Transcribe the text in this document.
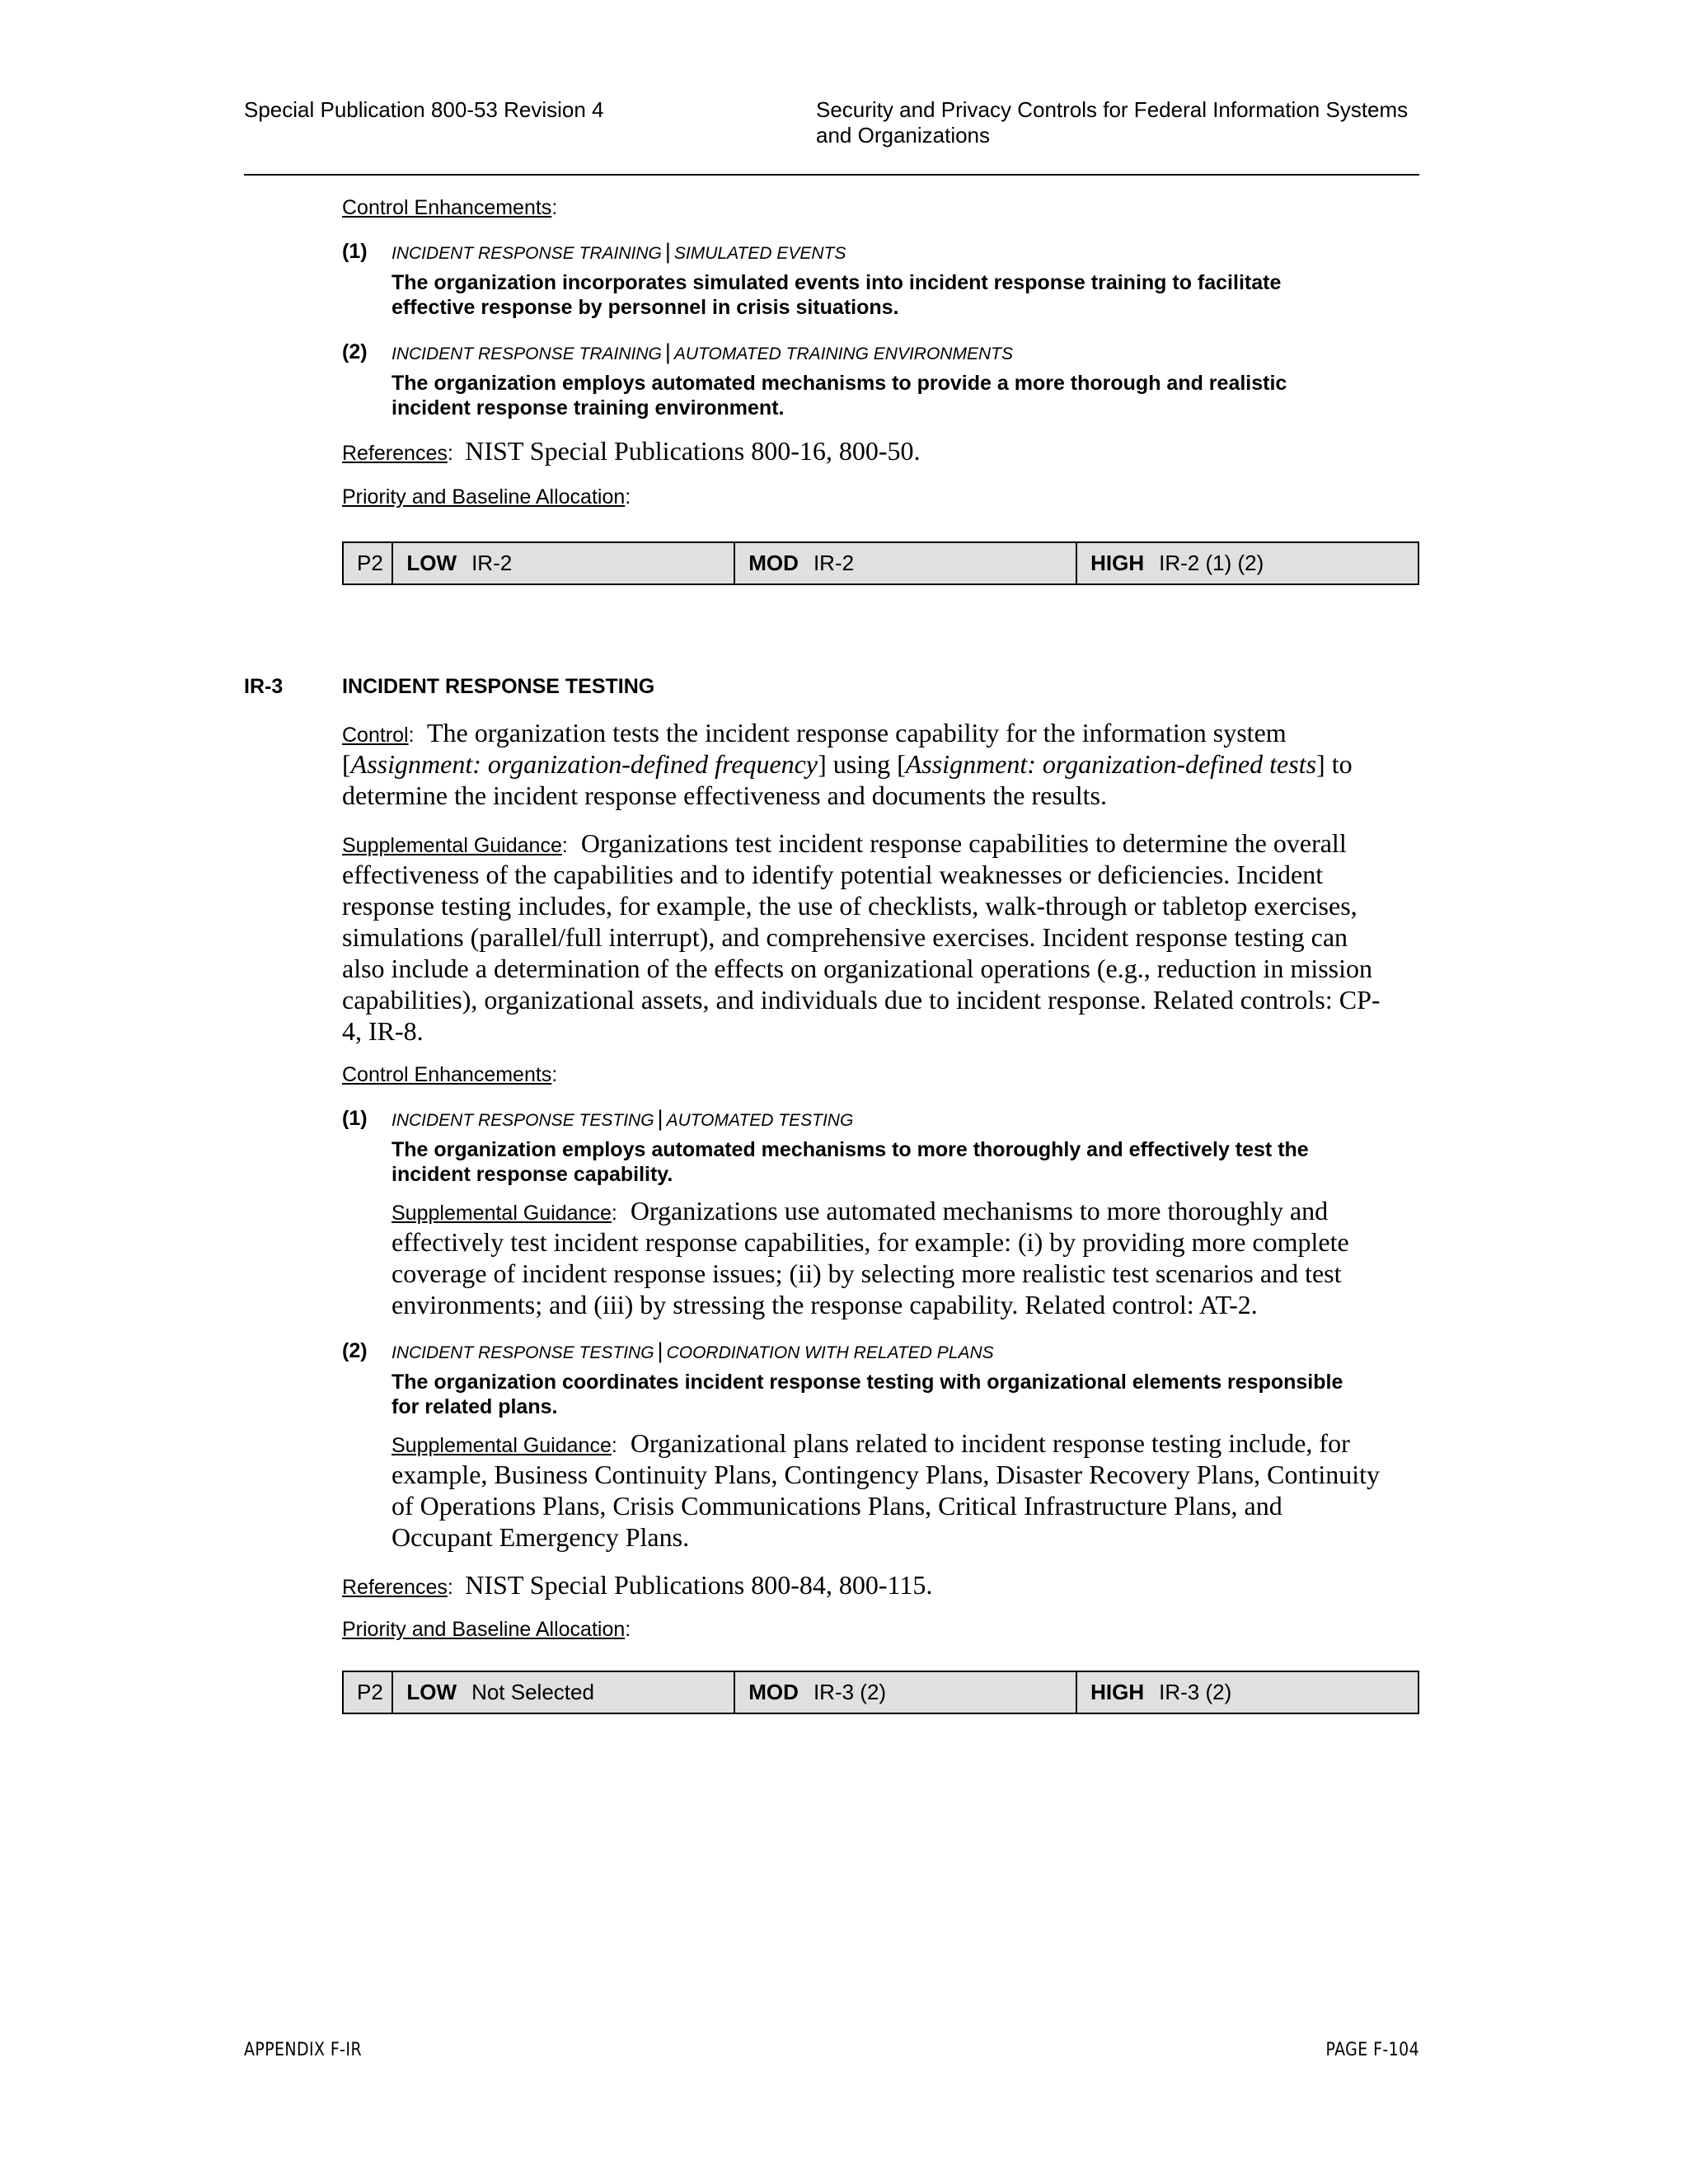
Special Publication 800-53 Revision 4	Security and Privacy Controls for Federal Information Systems
and Organizations
Control Enhancements:
(1) INCIDENT RESPONSE TRAINING | SIMULATED EVENTS
The organization incorporates simulated events into incident response training to facilitate
effective response by personnel in crisis situations.
(2) INCIDENT RESPONSE TRAINING | AUTOMATED TRAINING ENVIRONMENTS
The organization employs automated mechanisms to provide a more thorough and realistic
incident response training environment.
References: NIST Special Publications 800-16, 800-50.
Priority and Baseline Allocation:
P2	LOW IR-2	MOD IR-2	HIGH IR-2 (1) (2)
IR-3	INCIDENT RESPONSE TESTING
Control: The organization tests the incident response capability for the information system
[Assignment: organization-defined frequency] using [Assignment: organization-defined tests] to
determine the incident response effectiveness and documents the results.
Supplemental Guidance: Organizations test incident response capabilities to determine the overall
effectiveness of the capabilities and to identify potential weaknesses or deficiencies. Incident
response testing includes, for example, the use of checklists, walk-through or tabletop exercises,
simulations (parallel/full interrupt), and comprehensive exercises. Incident response testing can
also include a determination of the effects on organizational operations (e.g., reduction in mission
capabilities), organizational assets, and individuals due to incident response. Related controls: CP-
4, IR-8.
Control Enhancements:
(1) INCIDENT RESPONSE TESTING | AUTOMATED TESTING
The organization employs automated mechanisms to more thoroughly and effectively test the
incident response capability.
Supplemental Guidance: Organizations use automated mechanisms to more thoroughly and
effectively test incident response capabilities, for example: (i) by providing more complete
coverage of incident response issues; (ii) by selecting more realistic test scenarios and test
environments; and (iii) by stressing the response capability. Related control: AT-2.
(2) INCIDENT RESPONSE TESTING | COORDINATION WITH RELATED PLANS
The organization coordinates incident response testing with organizational elements responsible
for related plans.
Supplemental Guidance: Organizational plans related to incident response testing include, for
example, Business Continuity Plans, Contingency Plans, Disaster Recovery Plans, Continuity
of Operations Plans, Crisis Communications Plans, Critical Infrastructure Plans, and
Occupant Emergency Plans.
References: NIST Special Publications 800-84, 800-115.
Priority and Baseline Allocation:
P2	LOW Not Selected	MOD IR-3 (2)	HIGH IR-3 (2)
APPENDIX F-IR	PAGE F-104
